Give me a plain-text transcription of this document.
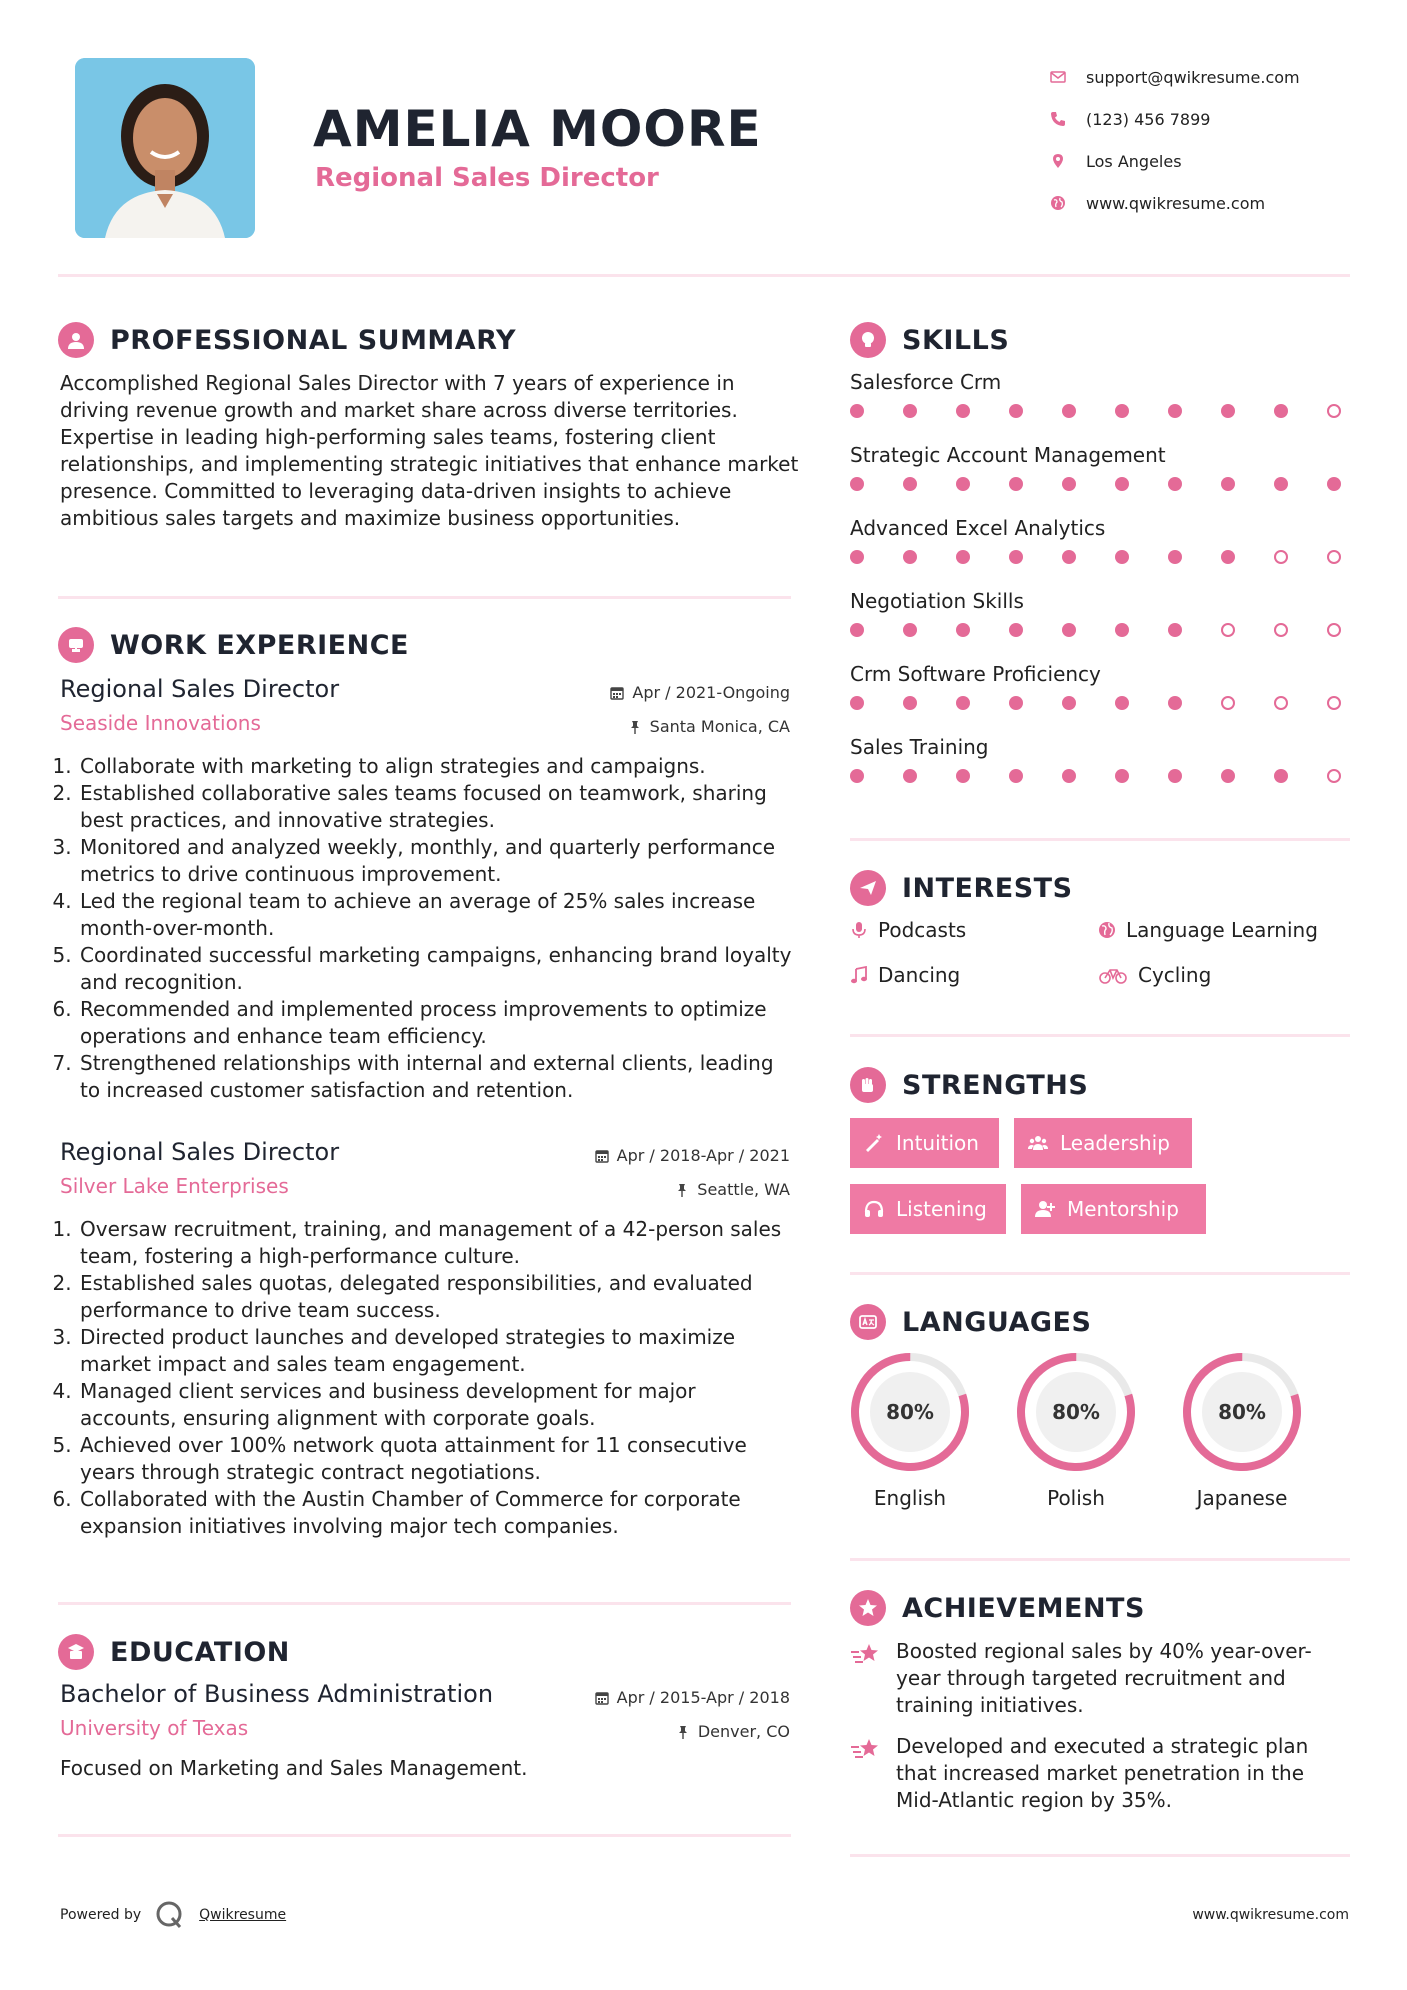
AMELIA MOORE
Regional Sales Director
support@qwikresume.com
(123) 456 7899
Los Angeles
www.qwikresume.com
PROFESSIONAL SUMMARY
Accomplished Regional Sales Director with 7 years of experience in driving revenue growth and market share across diverse territories. Expertise in leading high-performing sales teams, fostering client relationships, and implementing strategic initiatives that enhance market presence. Committed to leveraging data-driven insights to achieve ambitious sales targets and maximize business opportunities.
WORK EXPERIENCE
Regional Sales Director	Apr / 2021-Ongoing
Seaside Innovations	Santa Monica, CA
1. Collaborate with marketing to align strategies and campaigns.
2. Established collaborative sales teams focused on teamwork, sharing best practices, and innovative strategies.
3. Monitored and analyzed weekly, monthly, and quarterly performance metrics to drive continuous improvement.
4. Led the regional team to achieve an average of 25% sales increase month-over-month.
5. Coordinated successful marketing campaigns, enhancing brand loyalty and recognition.
6. Recommended and implemented process improvements to optimize operations and enhance team efficiency.
7. Strengthened relationships with internal and external clients, leading to increased customer satisfaction and retention.
Regional Sales Director	Apr / 2018-Apr / 2021
Silver Lake Enterprises	Seattle, WA
1. Oversaw recruitment, training, and management of a 42-person sales team, fostering a high-performance culture.
2. Established sales quotas, delegated responsibilities, and evaluated performance to drive team success.
3. Directed product launches and developed strategies to maximize market impact and sales team engagement.
4. Managed client services and business development for major accounts, ensuring alignment with corporate goals.
5. Achieved over 100% network quota attainment for 11 consecutive years through strategic contract negotiations.
6. Collaborated with the Austin Chamber of Commerce for corporate expansion initiatives involving major tech companies.
EDUCATION
Bachelor of Business Administration	Apr / 2015-Apr / 2018
University of Texas	Denver, CO
Focused on Marketing and Sales Management.
SKILLS
Salesforce Crm
Strategic Account Management
Advanced Excel Analytics
Negotiation Skills
Crm Software Proficiency
Sales Training
INTERESTS
Podcasts	Language Learning
Dancing	Cycling
STRENGTHS
Intuition	Leadership
Listening	Mentorship
LANGUAGES
80%
English
80%
Polish
80%
Japanese
ACHIEVEMENTS
Boosted regional sales by 40% year-over-year through targeted recruitment and training initiatives.
Developed and executed a strategic plan that increased market penetration in the Mid-Atlantic region by 35%.
Powered by	Qwikresume	www.qwikresume.com
